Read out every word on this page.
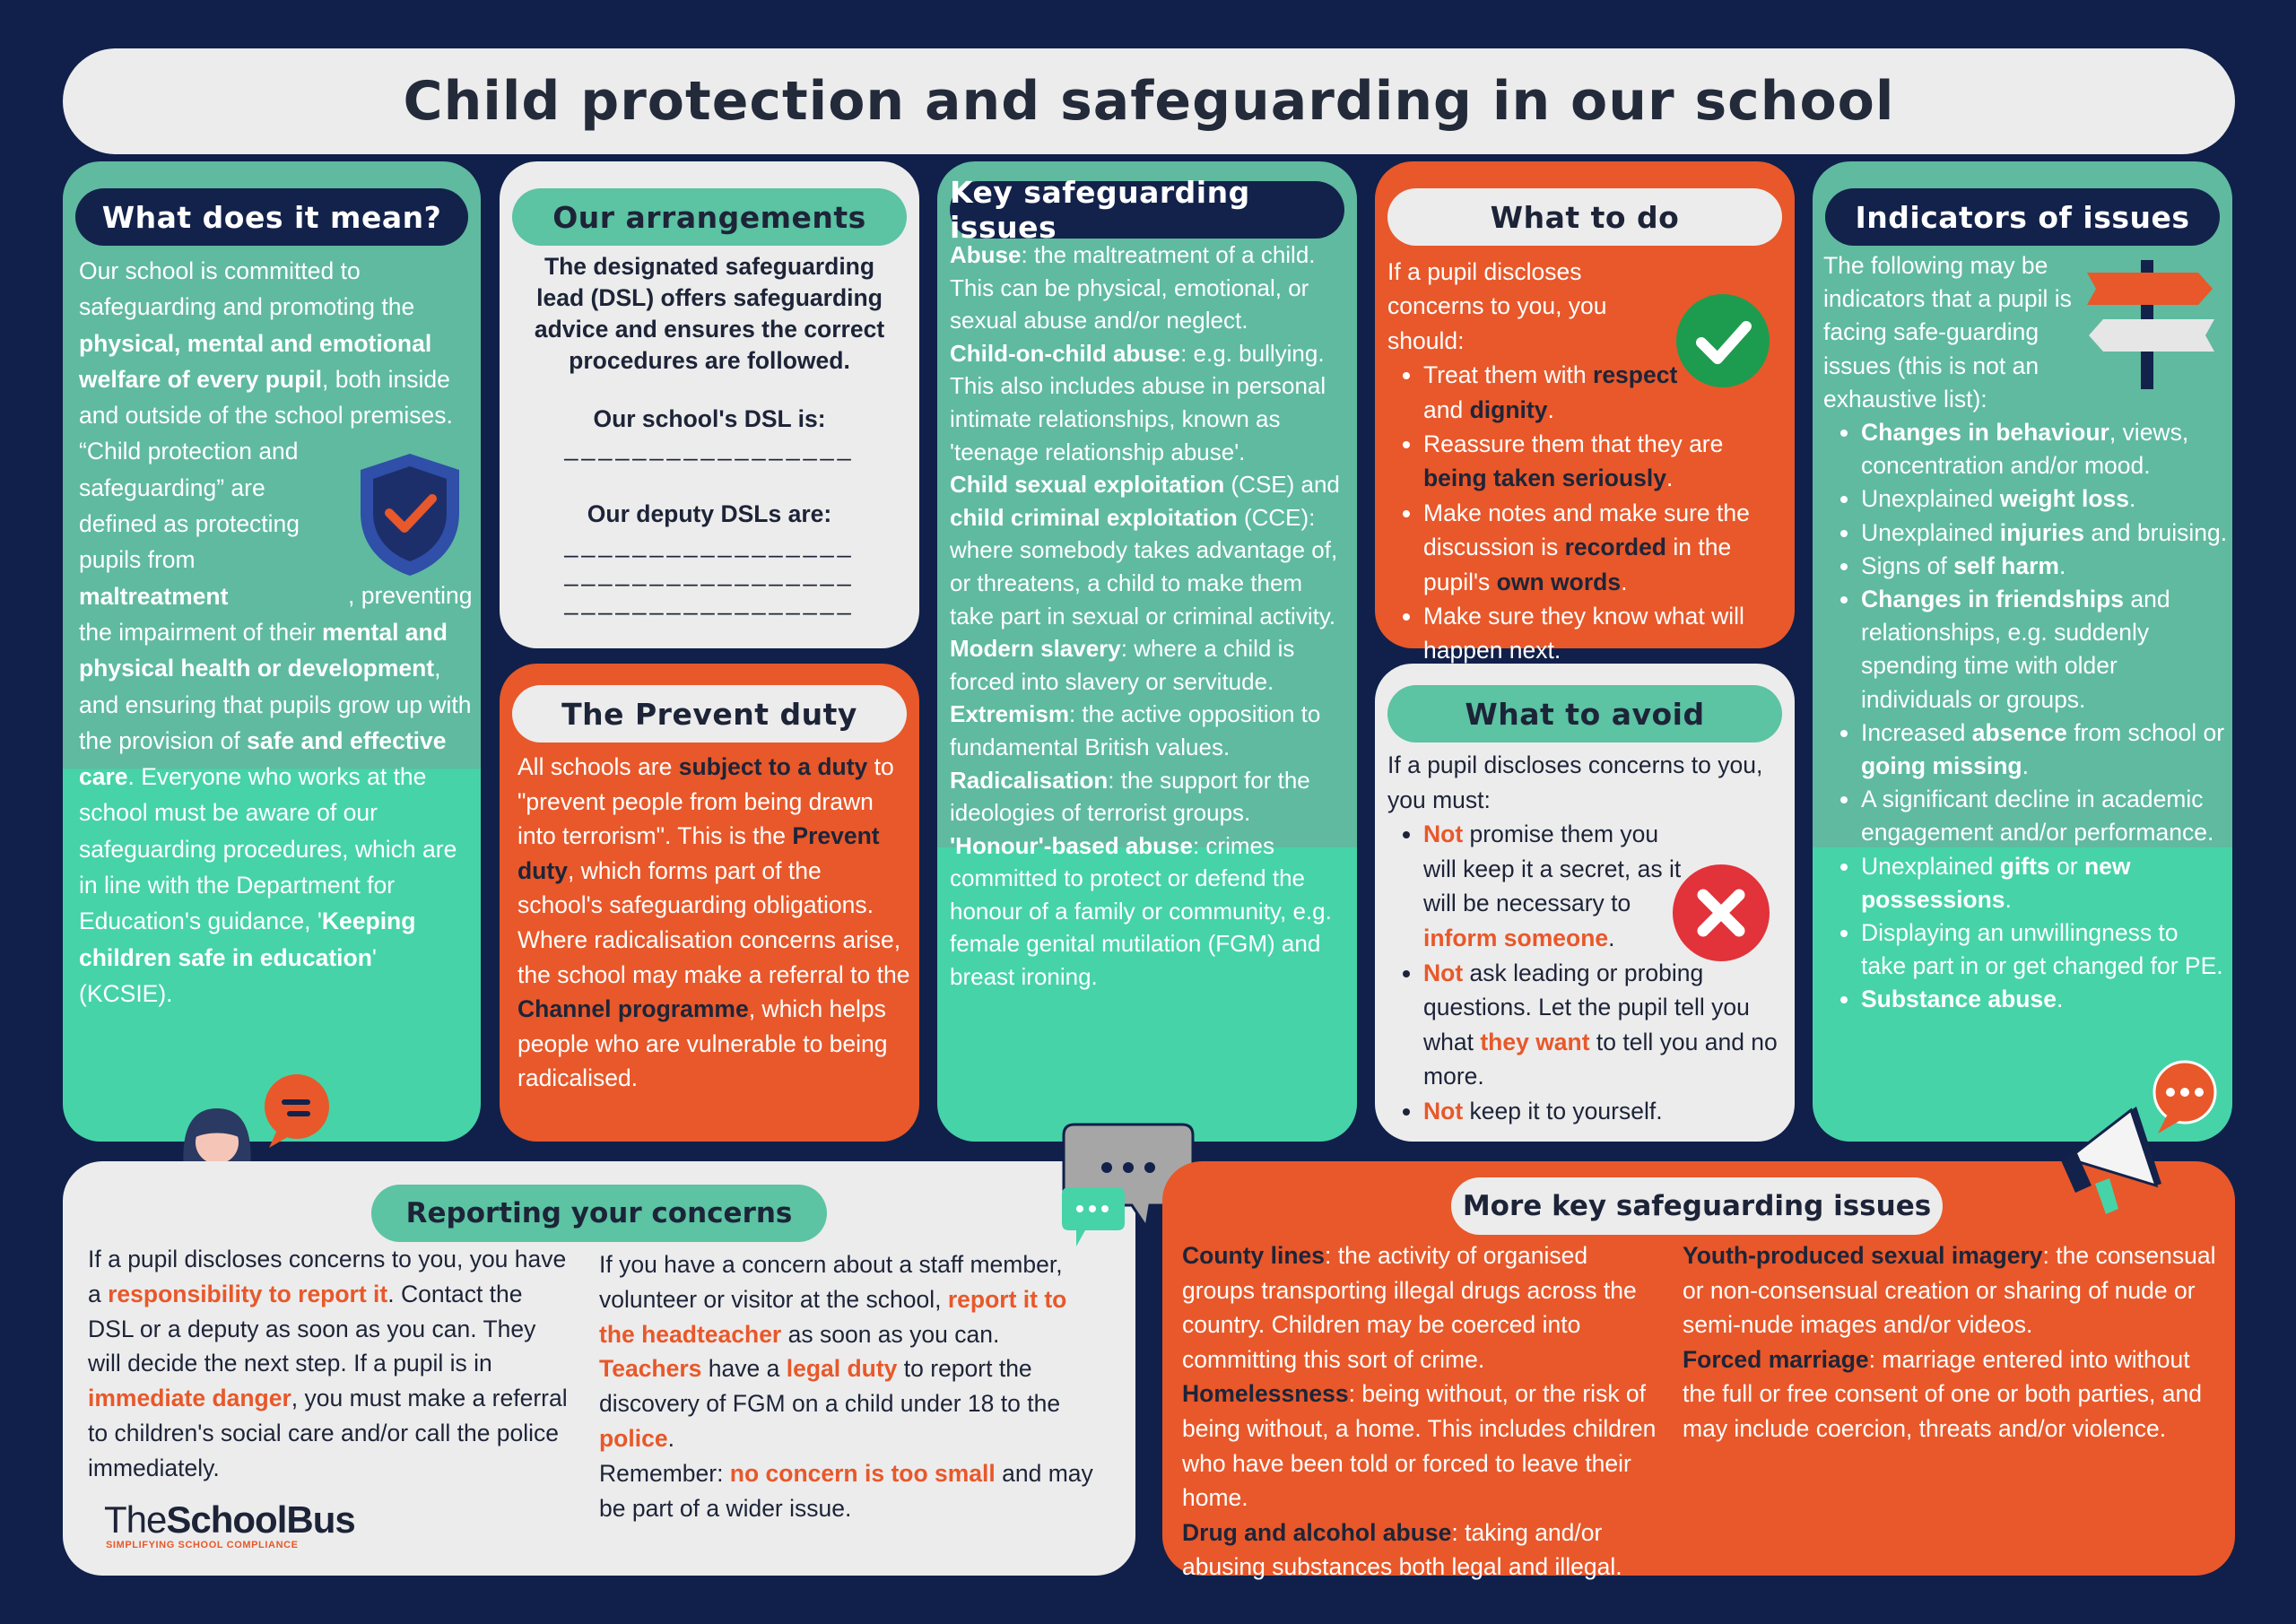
Child protection and safeguarding in our school
What does it mean?
Our school is committed to safeguarding and promoting the physical, mental and emotional welfare of every pupil, both inside and outside of the school premises.
“Child protection and safeguarding” are defined as protecting pupils from maltreatment	, preventing the impairment of their mental and physical health or development, and ensuring that pupils grow up with the provision of safe and effective care. Everyone who works at the school must be aware of our safeguarding procedures, which are in line with the Department for Education's guidance, 'Keeping children safe in education' (KCSIE).
Our arrangements
The designated safeguarding lead (DSL) offers safeguarding advice and ensures the correct procedures are followed.
Our school's DSL is:
_________________
Our deputy DSLs are:
_________________
_________________
_________________
The Prevent duty
All schools are subject to a duty to "prevent people from being drawn into terrorism". This is the Prevent duty, which forms part of the school's safeguarding obligations. Where radicalisation concerns arise, the school may make a referral to the Channel programme, which helps people who are vulnerable to being radicalised.
Key safeguarding issues
Abuse: the maltreatment of a child. This can be physical, emotional, or sexual abuse and/or neglect.
Child-on-child abuse: e.g. bullying. This also includes abuse in personal intimate relationships, known as 'teenage relationship abuse'.
Child sexual exploitation (CSE) and child criminal exploitation (CCE): where somebody takes advantage of, or threatens, a child to make them take part in sexual or criminal activity.
Modern slavery: where a child is forced into slavery or servitude.
Extremism: the active opposition to fundamental British values.
Radicalisation: the support for the ideologies of terrorist groups.
'Honour'-based abuse: crimes committed to protect or defend the honour of a family or community, e.g. female genital mutilation (FGM) and breast ironing.
What to do
If a pupil discloses concerns to you, you should:
• Treat them with respect and dignity.
• Reassure them that they are being taken seriously.
• Make notes and make sure the discussion is recorded in the pupil's own words.
• Make sure they know what will happen next.
What to avoid
If a pupil discloses concerns to you, you must:
• Not promise them you will keep it a secret, as it will be necessary to inform someone.
• Not ask leading or probing questions. Let the pupil tell you what they want to tell you and no more.
• Not keep it to yourself.
Indicators of issues
The following may be indicators that a pupil is facing safe-guarding issues (this is not an exhaustive list):
• Changes in behaviour, views, concentration and/or mood.
• Unexplained weight loss.
• Unexplained injuries and bruising.
• Signs of self harm.
• Changes in friendships and relationships, e.g. suddenly spending time with older individuals or groups.
• Increased absence from school or going missing.
• A significant decline in academic engagement and/or performance.
• Unexplained gifts or new possessions.
• Displaying an unwillingness to take part in or get changed for PE.
• Substance abuse.
Reporting your concerns
If a pupil discloses concerns to you, you have a responsibility to report it. Contact the DSL or a deputy as soon as you can. They will decide the next step. If a pupil is in immediate danger, you must make a referral to children's social care and/or call the police immediately.
If you have a concern about a staff member, volunteer or visitor at the school, report it to the headteacher as soon as you can.
Teachers have a legal duty to report the discovery of FGM on a child under 18 to the police.
Remember: no concern is too small and may be part of a wider issue.
TheSchoolBus
SIMPLIFYING SCHOOL COMPLIANCE
More key safeguarding issues
County lines: the activity of organised groups transporting illegal drugs across the country. Children may be coerced into committing this sort of crime.
Homelessness: being without, or the risk of being without, a home. This includes children who have been told or forced to leave their home.
Drug and alcohol abuse: taking and/or abusing substances both legal and illegal.
Youth-produced sexual imagery: the consensual or non-consensual creation or sharing of nude or semi-nude images and/or videos.
Forced marriage: marriage entered into without the full or free consent of one or both parties, and may include coercion, threats and/or violence.
